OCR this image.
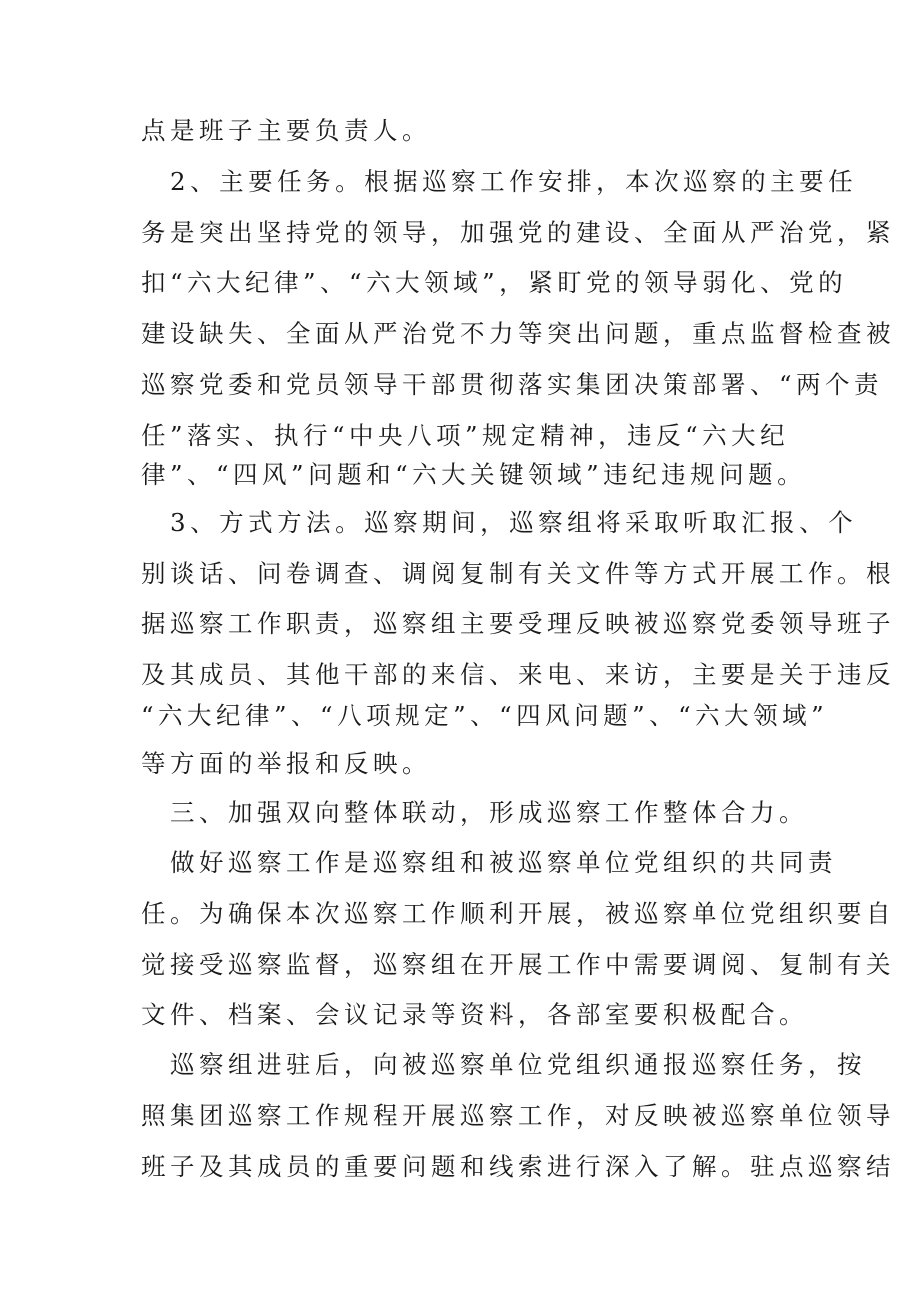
点是班子主要负责人。
　2、主要任务。根据巡察工作安排，本次巡察的主要任
务是突出坚持党的领导，加强党的建设、全面从严治党，紧
扣“六大纪律”、“六大领域”，紧盯党的领导弱化、党的
建设缺失、全面从严治党不力等突出问题，重点监督检查被
巡察党委和党员领导干部贯彻落实集团决策部署、“两个责
任”落实、执行“中央八项”规定精神，违反“六大纪
律”、“四风”问题和“六大关键领域”违纪违规问题。
　3、方式方法。巡察期间，巡察组将采取听取汇报、个
别谈话、问卷调查、调阅复制有关文件等方式开展工作。根
据巡察工作职责，巡察组主要受理反映被巡察党委领导班子
及其成员、其他干部的来信、来电、来访，主要是关于违反
“六大纪律”、“八项规定”、“四风问题”、“六大领域”
等方面的举报和反映。
　三、加强双向整体联动，形成巡察工作整体合力。
　做好巡察工作是巡察组和被巡察单位党组织的共同责
任。为确保本次巡察工作顺利开展，被巡察单位党组织要自
觉接受巡察监督，巡察组在开展工作中需要调阅、复制有关
文件、档案、会议记录等资料，各部室要积极配合。
　巡察组进驻后，向被巡察单位党组织通报巡察任务，按
照集团巡察工作规程开展巡察工作，对反映被巡察单位领导
班子及其成员的重要问题和线索进行深入了解。驻点巡察结
